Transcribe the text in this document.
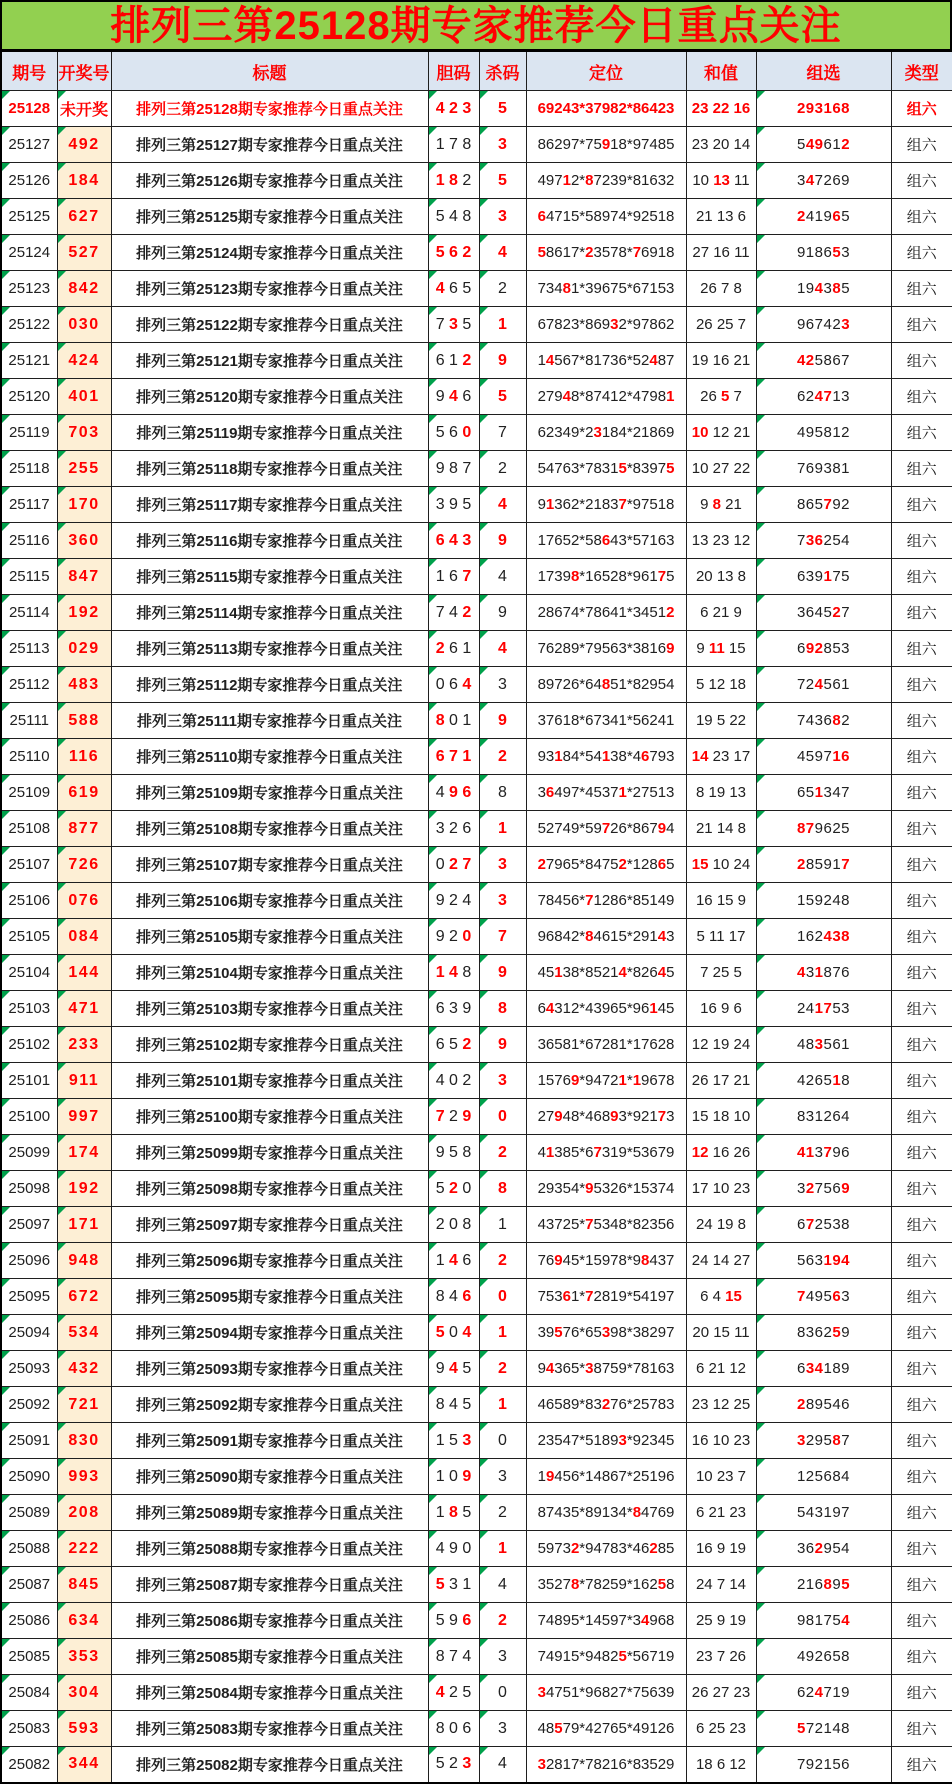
排列三第25128期专家推荐今日重点关注
期号	开奖号	标题	胆码	杀码	定位	和值	组选	类型
25128	未开奖	排列三第25128期专家推荐今日重点关注	4 2 3	5	69243*37982*86423	23 22 16	293168	组六
25127	492	排列三第25127期专家推荐今日重点关注	1 7 8	3	86297*75918*97485	23 20 14	549612	组六
25126	184	排列三第25126期专家推荐今日重点关注	1 8 2	5	49712*87239*81632	10 13 11	347269	组六
25125	627	排列三第25125期专家推荐今日重点关注	5 4 8	3	64715*58974*92518	21 13 6	241965	组六
25124	527	排列三第25124期专家推荐今日重点关注	5 6 2	4	58617*23578*76918	27 16 11	918653	组六
25123	842	排列三第25123期专家推荐今日重点关注	4 6 5	2	73481*39675*67153	26 7 8	194385	组六
25122	030	排列三第25122期专家推荐今日重点关注	7 3 5	1	67823*86932*97862	26 25 7	967423	组六
25121	424	排列三第25121期专家推荐今日重点关注	6 1 2	9	14567*81736*52487	19 16 21	425867	组六
25120	401	排列三第25120期专家推荐今日重点关注	9 4 6	5	27948*87412*47981	26 5 7	624713	组六
25119	703	排列三第25119期专家推荐今日重点关注	5 6 0	7	62349*23184*21869	10 12 21	495812	组六
25118	255	排列三第25118期专家推荐今日重点关注	9 8 7	2	54763*78315*83975	10 27 22	769381	组六
25117	170	排列三第25117期专家推荐今日重点关注	3 9 5	4	91362*21837*97518	9 8 21	865792	组六
25116	360	排列三第25116期专家推荐今日重点关注	6 4 3	9	17652*58643*57163	13 23 12	736254	组六
25115	847	排列三第25115期专家推荐今日重点关注	1 6 7	4	17398*16528*96175	20 13 8	639175	组六
25114	192	排列三第25114期专家推荐今日重点关注	7 4 2	9	28674*78641*34512	6 21 9	364527	组六
25113	029	排列三第25113期专家推荐今日重点关注	2 6 1	4	76289*79563*38169	9 11 15	692853	组六
25112	483	排列三第25112期专家推荐今日重点关注	0 6 4	3	89726*64851*82954	5 12 18	724561	组六
25111	588	排列三第25111期专家推荐今日重点关注	8 0 1	9	37618*67341*56241	19 5 22	743682	组六
25110	116	排列三第25110期专家推荐今日重点关注	6 7 1	2	93184*54138*46793	14 23 17	459716	组六
25109	619	排列三第25109期专家推荐今日重点关注	4 9 6	8	36497*45371*27513	8 19 13	651347	组六
25108	877	排列三第25108期专家推荐今日重点关注	3 2 6	1	52749*59726*86794	21 14 8	879625	组六
25107	726	排列三第25107期专家推荐今日重点关注	0 2 7	3	27965*84752*12865	15 10 24	285917	组六
25106	076	排列三第25106期专家推荐今日重点关注	9 2 4	3	78456*71286*85149	16 15 9	159248	组六
25105	084	排列三第25105期专家推荐今日重点关注	9 2 0	7	96842*84615*29143	5 11 17	162438	组六
25104	144	排列三第25104期专家推荐今日重点关注	1 4 8	9	45138*85214*82645	7 25 5	431876	组六
25103	471	排列三第25103期专家推荐今日重点关注	6 3 9	8	64312*43965*96145	16 9 6	241753	组六
25102	233	排列三第25102期专家推荐今日重点关注	6 5 2	9	36581*67281*17628	12 19 24	483561	组六
25101	911	排列三第25101期专家推荐今日重点关注	4 0 2	3	15769*94721*19678	26 17 21	426518	组六
25100	997	排列三第25100期专家推荐今日重点关注	7 2 9	0	27948*46893*92173	15 18 10	831264	组六
25099	174	排列三第25099期专家推荐今日重点关注	9 5 8	2	41385*67319*53679	12 16 26	413796	组六
25098	192	排列三第25098期专家推荐今日重点关注	5 2 0	8	29354*95326*15374	17 10 23	327569	组六
25097	171	排列三第25097期专家推荐今日重点关注	2 0 8	1	43725*75348*82356	24 19 8	672538	组六
25096	948	排列三第25096期专家推荐今日重点关注	1 4 6	2	76945*15978*98437	24 14 27	563194	组六
25095	672	排列三第25095期专家推荐今日重点关注	8 4 6	0	75361*72819*54197	6 4 15	749563	组六
25094	534	排列三第25094期专家推荐今日重点关注	5 0 4	1	39576*65398*38297	20 15 11	836259	组六
25093	432	排列三第25093期专家推荐今日重点关注	9 4 5	2	94365*38759*78163	6 21 12	634189	组六
25092	721	排列三第25092期专家推荐今日重点关注	8 4 5	1	46589*83276*25783	23 12 25	289546	组六
25091	830	排列三第25091期专家推荐今日重点关注	1 5 3	0	23547*51893*92345	16 10 23	329587	组六
25090	993	排列三第25090期专家推荐今日重点关注	1 0 9	3	19456*14867*25196	10 23 7	125684	组六
25089	208	排列三第25089期专家推荐今日重点关注	1 8 5	2	87435*89134*84769	6 21 23	543197	组六
25088	222	排列三第25088期专家推荐今日重点关注	4 9 0	1	59732*94783*46285	16 9 19	362954	组六
25087	845	排列三第25087期专家推荐今日重点关注	5 3 1	4	35278*78259*16258	24 7 14	216895	组六
25086	634	排列三第25086期专家推荐今日重点关注	5 9 6	2	74895*14597*34968	25 9 19	981754	组六
25085	353	排列三第25085期专家推荐今日重点关注	8 7 4	3	74915*94825*56719	23 7 26	492658	组六
25084	304	排列三第25084期专家推荐今日重点关注	4 2 5	0	34751*96827*75639	26 27 23	624719	组六
25083	593	排列三第25083期专家推荐今日重点关注	8 0 6	3	48579*42765*49126	6 25 23	572148	组六
25082	344	排列三第25082期专家推荐今日重点关注	5 2 3	4	32817*78216*83529	18 6 12	792156	组六
